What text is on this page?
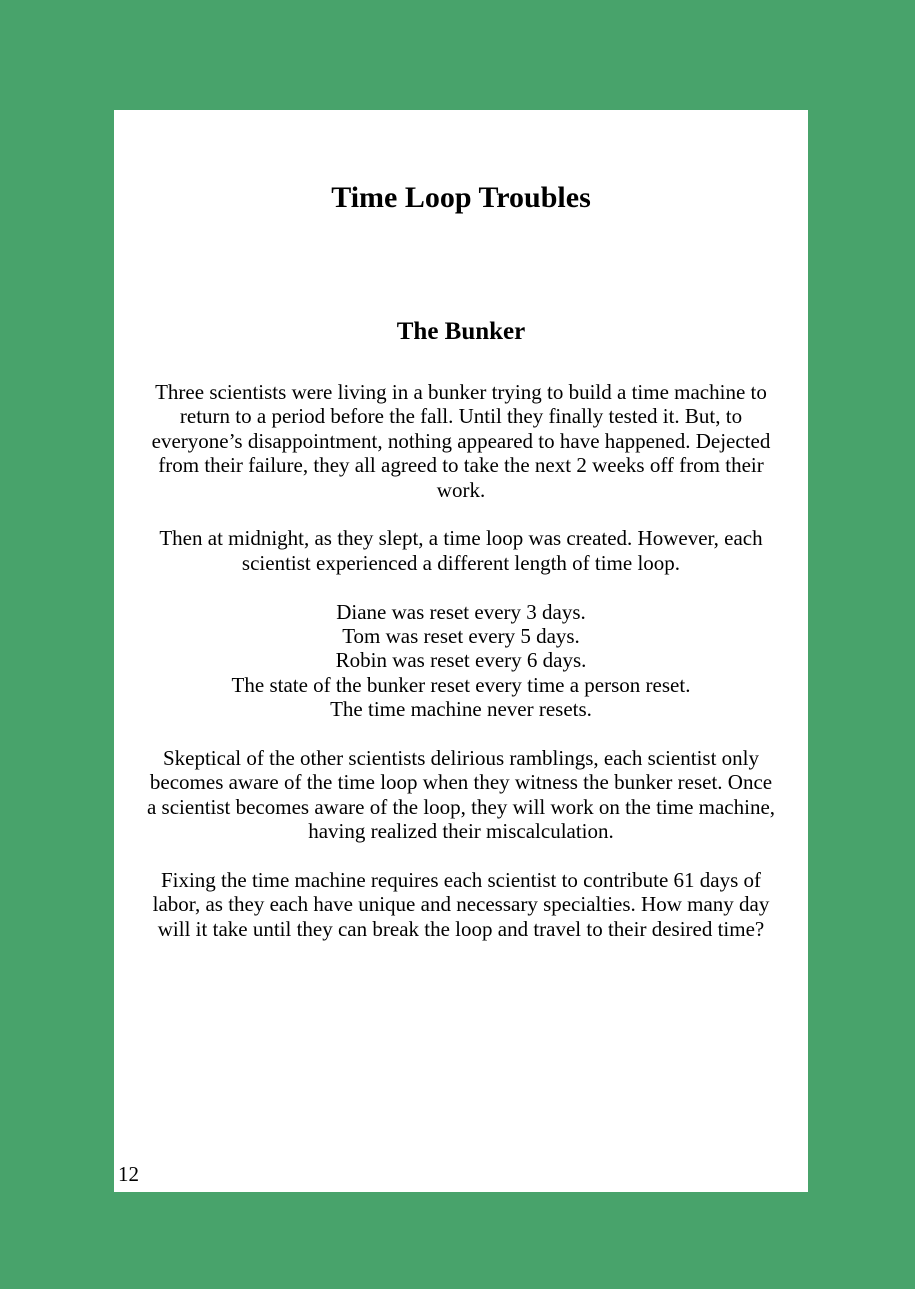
Time Loop Troubles
The Bunker

Three scientists were living in a bunker trying to build a time machine to return to a period before the fall. Until they finally tested it. But, to everyone’s disappointment, nothing appeared to have happened. Dejected from their failure, they all agreed to take the next 2 weeks off from their work.

Then at midnight, as they slept, a time loop was created. However, each scientist experienced a different length of time loop.

Diane was reset every 3 days.
Tom was reset every 5 days.
Robin was reset every 6 days.
The state of the bunker reset every time a person reset.
The time machine never resets.

Skeptical of the other scientists delirious ramblings, each scientist only becomes aware of the time loop when they witness the bunker reset. Once a scientist becomes aware of the loop, they will work on the time machine, having realized their miscalculation.

Fixing the time machine requires each scientist to contribute 61 days of labor, as they each have unique and necessary specialties. How many day will it take until they can break the loop and travel to their desired time?

12
